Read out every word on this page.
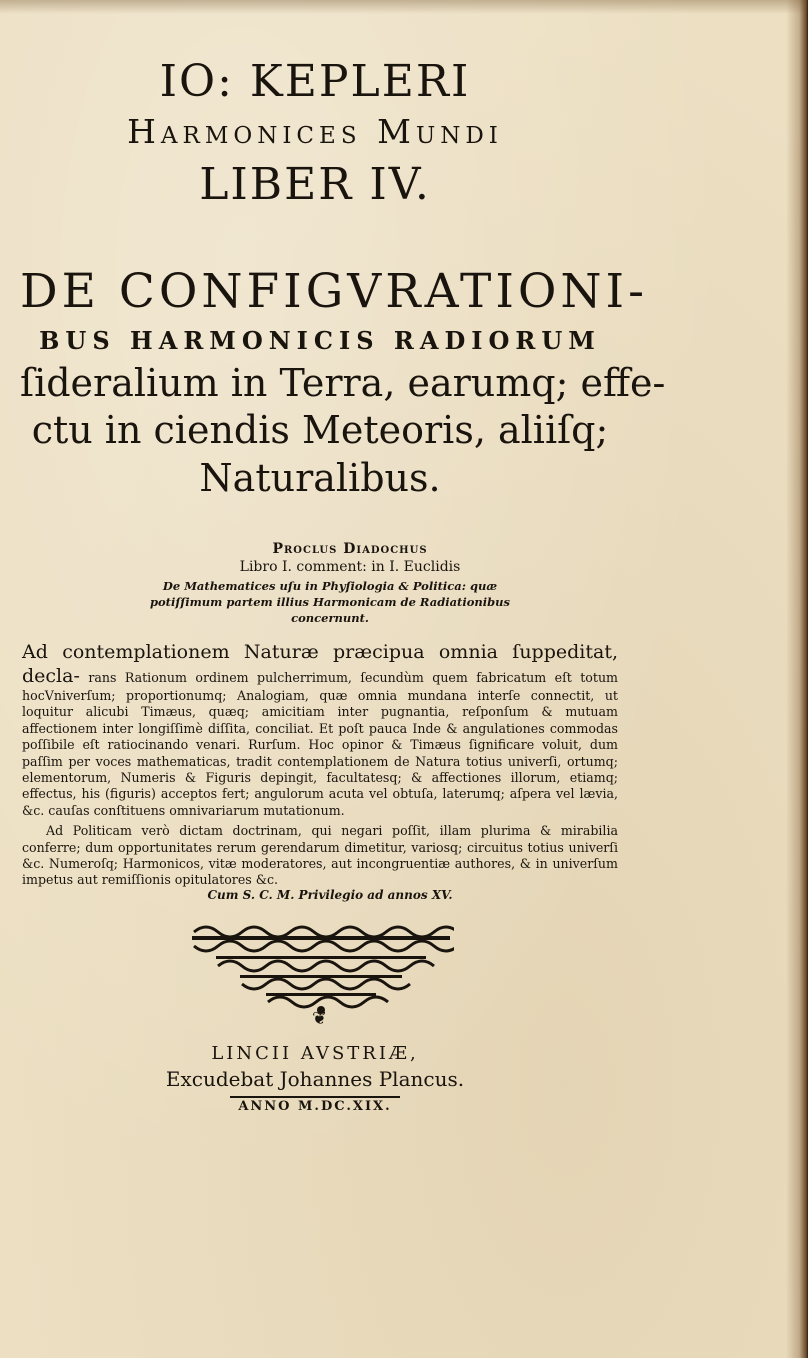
IO: KEPLERI
Harmonices Mundi
LIBER IV.
DE CONFIGVRATIONI-
BUS HARMONICIS RADIORUM
ſideralium in Terra, earumq; effe-
ctu in ciendis Meteoris, aliiſq;
Naturalibus.
Proclus Diadochus
Libro I. comment: in I. Euclidis
De Mathematices uſu in Phyſiologia & Politica: quæ potiſſimum partem illius Harmonicam de Radiationibus concernunt.
Ad contemplationem Naturæ præcipua omnia ſuppeditat, decla- rans Rationum ordinem pulcherrimum, ſecundùm quem fabricatum eſt totum hocVniverſum; proportionumq; Analogiam, quæ omnia mundana interſe connectit, ut loquitur alicubi Timæus, quæq; amicitiam inter pugnantia, reſponſum & mutuam affectionem inter longiſſimè diſſita, conciliat. Et poſt pauca Inde & angulationes commodas poſſibile eſt ratiocinando venari. Rurſum. Hoc opinor & Timæus ſignificare voluit, dum paſſim per voces mathematicas, tradit contemplationem de Natura totius univerſi, ortumq; elementorum, Numeris & Figuris depingit, facultatesq; & affectiones illorum, etiamq; effectus, his (figuris) acceptos fert; angulorum acuta vel obtuſa, laterumq; aſpera vel lævia, &c. cauſas conſtituens omnivariarum mutationum.
Ad Politicam verò dictam doctrinam, qui negari poſſit, illam plurima & mirabilia conferre; dum opportunitates rerum gerendarum dimetitur, variosq; circuitus totius univerſi &c. Numeroſq; Harmonicos, vitæ moderatores, aut incongruentiæ authores, & in univerſum impetus aut remiſſionis opitulatores &c.
Cum S. C. M. Privilegio ad annos XV.
❦
LINCII AVSTRIÆ,
Excudebat Johannes Plancus.
ANNO M.DC.XIX.
